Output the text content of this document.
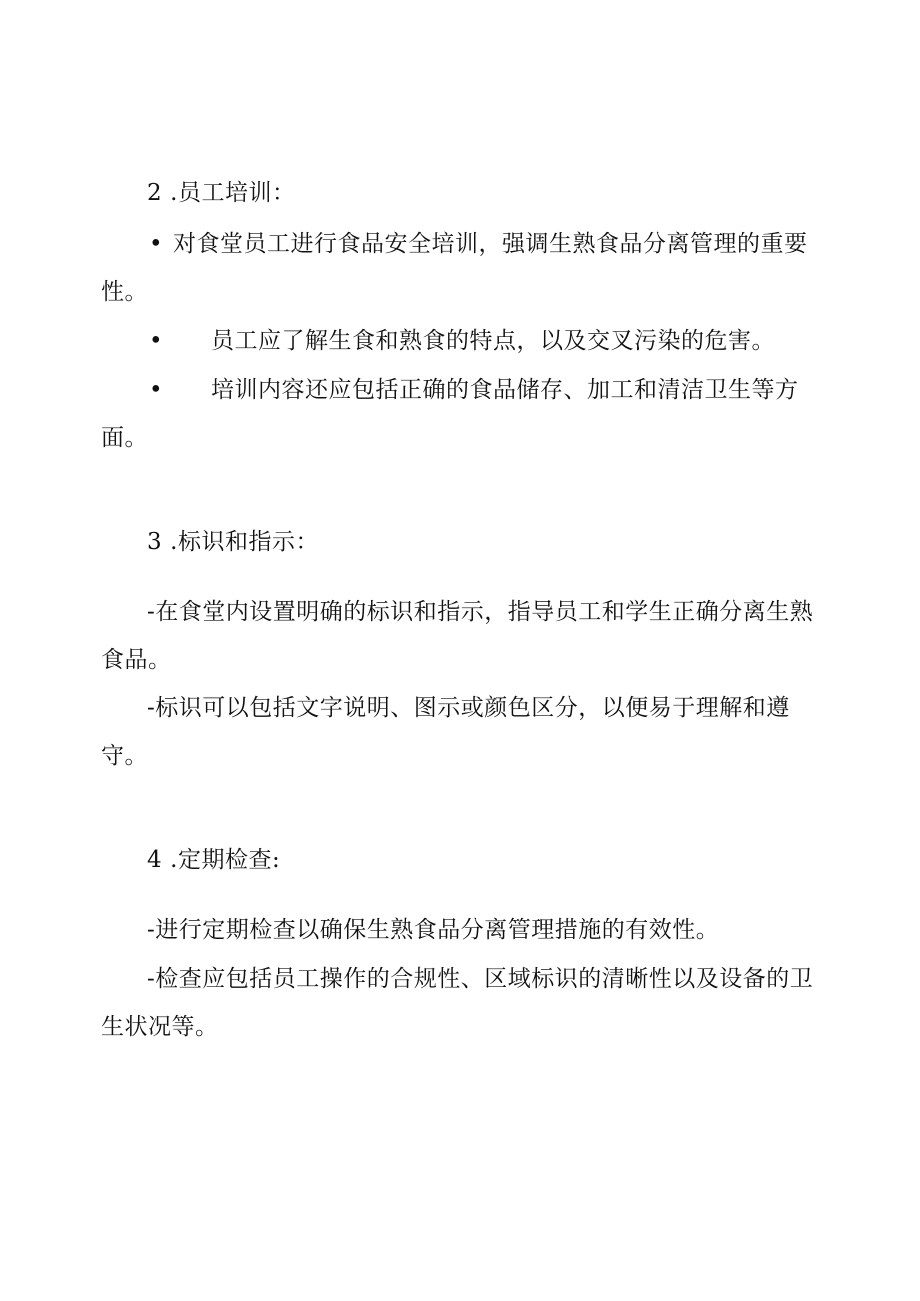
2 .员工培训：
• 对食堂员工进行食品安全培训，强调生熟食品分离管理的重要
性。
•	员工应了解生食和熟食的特点，以及交叉污染的危害。
•	培训内容还应包括正确的食品储存、加工和清洁卫生等方
面。
3 .标识和指示：
-在食堂内设置明确的标识和指示，指导员工和学生正确分离生熟
食品。
-标识可以包括文字说明、图示或颜色区分，以便易于理解和遵
守。
4 .定期检查:
-进行定期检查以确保生熟食品分离管理措施的有效性。
-检查应包括员工操作的合规性、区域标识的清晰性以及设备的卫
生状况等。
